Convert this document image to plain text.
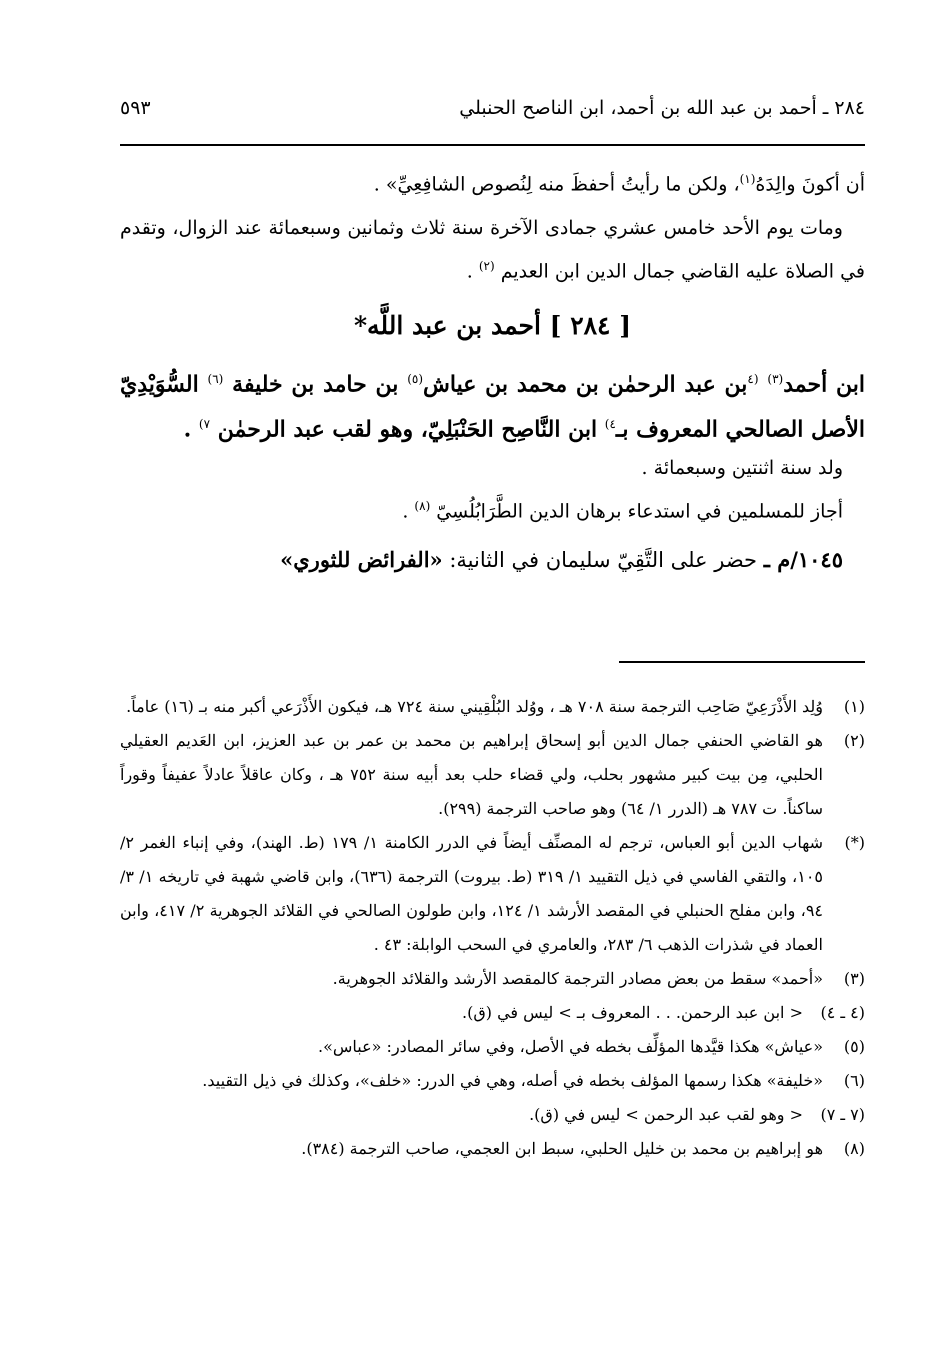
٢٨٤ ـ أحمد بن عبد الله بن أحمد، ابن الناصح الحنبلي
٥٩٣

أن أكونَ والِدَهُ$^{(١)}$، ولكن ما رأيتُ أحفظَ منه لِنُصوص الشافِعِيِّ» .

ومات يوم الأحد خامس عشري جمادى الآخرة سنة ثلاث وثمانين وسبعمائة عند الزوال، وتقدم في الصلاة عليه القاضي جمال الدين ابن العديم $^{(٢)}$ .

[ ٢٨٤ ] أحمد بن عبد اللَّه*

ابن أحمد$^{(٣)}$ $^{(٤}$بن عبد الرحمٰن بن محمد بن عياش$^{(٥)}$ بن حامد بن خليفة $^{(٦)}$ السُّوَيْدِيّ الأصل الصالحي المعروف بـ$^{٤)}$ ابن النَّاصِح الحَنْبَلِيّ، وهو لقب عبد الرحمٰن $^{٧)}$ .

ولد سنة اثنتين وسبعمائة .

أجاز للمسلمين في استدعاء برهان الدين الطَّرَابُلُسِيّ $^{(٨)}$ .

١٠٤٥/م ـ حضر على التَّقِيّ سليمان في الثانية: «الفرائض للثوري»

(١)
وُلِد الأَذْرَعِيّ صَاحِب الترجمة سنة ٧٠٨ هـ ، ووُلد البُلْقِيني سنة ٧٢٤ هـ، فيكون الأَذْرَعي أكبر منه بـ (١٦) عاماً.
(٢)
هو القاضي الحنفي جمال الدين أبو إسحاق إبراهيم بن محمد بن عمر بن عبد العزيز، ابن العَديم العقيلي الحلبي، مِن بيت كبير مشهور بحلب، ولي قضاء حلب بعد أبيه سنة ٧٥٢ هـ ، وكان عاقلاً عادلاً عفيفاً وقوراً ساكناً. ت ٧٨٧ هـ (الدرر ١/ ٦٤) وهو صاحب الترجمة (٢٩٩).
(*)
شهاب الدين أبو العباس، ترجم له المصنِّف أيضاً في الدرر الكامنة ١/ ١٧٩ (ط. الهند)، وفي إنباء الغمر ٢/ ١٠٥، والتقي الفاسي في ذيل التقييد ١/ ٣١٩ (ط. بيروت) الترجمة (٦٣٦)، وابن قاضي شهبة في تاريخه ١/ ٣/ ٩٤، وابن مفلح الحنبلي في المقصد الأرشد ١/ ١٢٤، وابن طولون الصالحي في القلائد الجوهرية ٢/ ٤١٧، وابن العماد في شذرات الذهب ٦/ ٢٨٣، والعامري في السحب الوابلة: ٤٣ .
(٣)
«أحمد» سقط من بعض مصادر الترجمة كالمقصد الأرشد والقلائد الجوهرية.
(٤ ـ ٤)
< ابن عبد الرحمن. . . المعروف بـ > ليس في (ق).
(٥)
«عياش» هكذا قيَّدها المؤلِّف بخطه في الأصل، وفي سائر المصادر: «عباس».
(٦)
«خليفة» هكذا رسمها المؤلف بخطه في أصله، وهي في الدرر: «خلف»، وكذلك في ذيل التقييد.
(٧ ـ ٧)
< وهو لقب عبد الرحمن > ليس في (ق).
(٨)
هو إبراهيم بن محمد بن خليل الحلبي، سبط ابن العجمي، صاحب الترجمة (٣٨٤).
